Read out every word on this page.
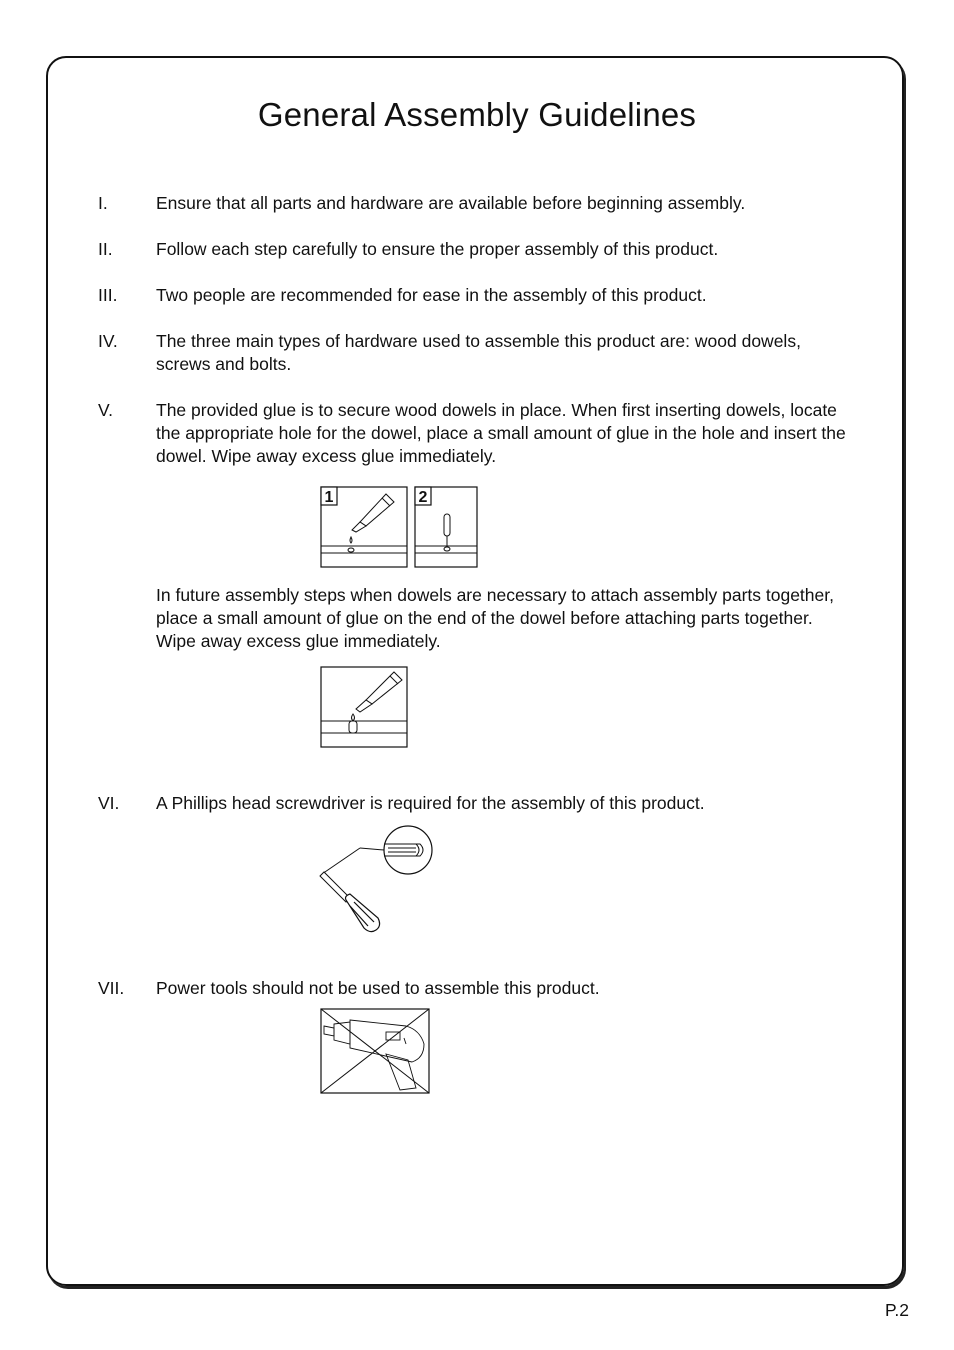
General Assembly Guidelines
I.	Ensure that all parts and hardware are available before beginning assembly.
II. Follow each step carefully to ensure the proper assembly of this product.
III. Two people are recommended for ease in the assembly of this product.
IV. The three main types of hardware used to assemble this product are: wood dowels, screws and bolts.
V. The provided glue is to secure wood dowels in place. When first inserting dowels, locate the appropriate hole for the dowel, place a small amount of glue in the hole and insert the dowel. Wipe away excess glue immediately.
1	2
In future assembly steps when dowels are necessary to attach assembly parts together, place a small amount of glue on the end of the dowel before attaching parts together. Wipe away excess glue immediately.
VI. A Phillips head screwdriver is required for the assembly of this product.
VII. Power tools should not be used to assemble this product.
P.2
